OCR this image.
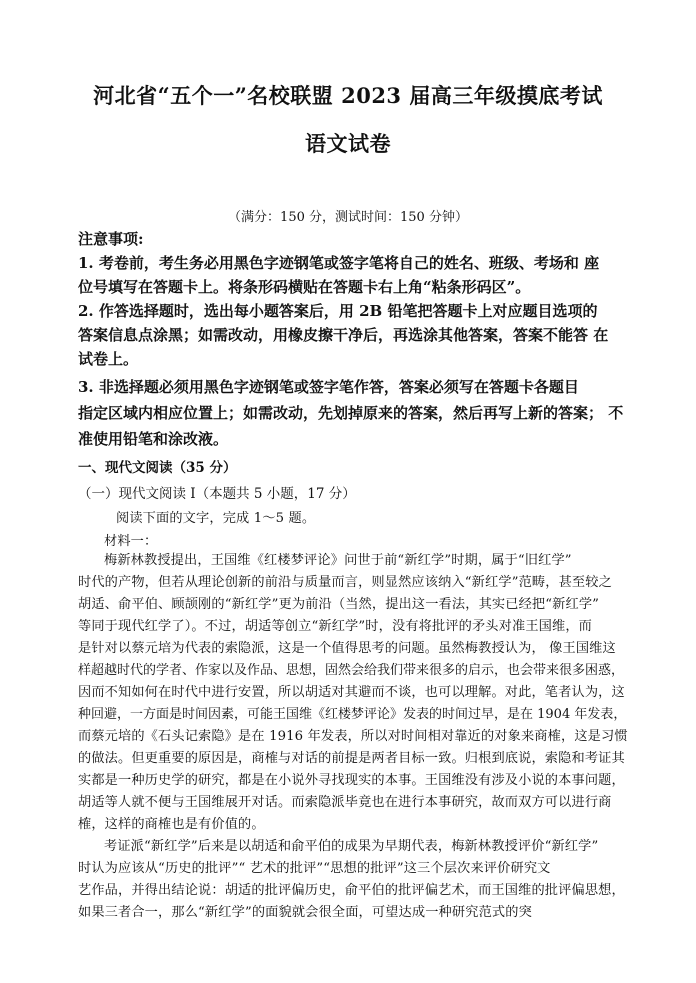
河北省“五个一”名校联盟 2023 届高三年级摸底考试
语文试卷
（满分：150 分，测试时间：150 分钟）
注意事项:
1. 考卷前，考生务必用黑色字迹钢笔或签字笔将自己的姓名、班级、考场和 座
位号填写在答题卡上。将条形码横贴在答题卡右上角“粘条形码区”。
2. 作答选择题时，选出每小题答案后，用 2B 铅笔把答题卡上对应题目选项的
答案信息点涂黑；如需改动，用橡皮擦干净后，再选涂其他答案，答案不能答 在
试卷上。
3. 非选择题必须用黑色字迹钢笔或签字笔作答，答案必须写在答题卡各题目
指定区域内相应位置上；如需改动，先划掉原来的答案，然后再写上新的答案； 不
准使用铅笔和涂改液。
一、现代文阅读（35 分）
（一）现代文阅读 Ⅰ（本题共 5 小题，17 分）
阅读下面的文字，完成 1～5 题。
材料一：
梅新林教授提出，王国维《红楼梦评论》问世于前“新红学”时期，属于“旧红学”
时代的产物，但若从理论创新的前沿与质量而言，则显然应该纳入“新红学”范畴，甚至较之
胡适、俞平伯、顾颉刚的“新红学”更为前沿（当然，提出这一看法，其实已经把“新红学”
等同于现代红学了）。不过，胡适等创立“新红学”时，没有将批评的矛头对准王国维，而
是针对以蔡元培为代表的索隐派，这是一个值得思考的问题。虽然梅教授认为， 像王国维这
样超越时代的学者、作家以及作品、思想，固然会给我们带来很多的启示，也会带来很多困惑，
因而不知如何在时代中进行安置，所以胡适对其避而不谈，也可以理解。对此，笔者认为，这
种回避，一方面是时间因素，可能王国维《红楼梦评论》发表的时间过早，是在 1904 年发表，
而蔡元培的《石头记索隐》是在 1916 年发表，所以对时间相对靠近的对象来商榷，这是习惯
的做法。但更重要的原因是，商榷与对话的前提是两者目标一致。归根到底说，索隐和考证其
实都是一种历史学的研究，都是在小说外寻找现实的本事。王国维没有涉及小说的本事问题，
胡适等人就不便与王国维展开对话。而索隐派毕竟也在进行本事研究，故而双方可以进行商
榷，这样的商榷也是有价值的。
考证派“新红学”后来是以胡适和俞平伯的成果为早期代表，梅新林教授评价“新红学”
时认为应该从“历史的批评”“ 艺术的批评”“思想的批评”这三个层次来评价研究文
艺作品，并得出结论说：胡适的批评偏历史，俞平伯的批评偏艺术，而王国维的批评偏思想，
如果三者合一，那么“新红学”的面貌就会很全面，可望达成一种研究范式的突
